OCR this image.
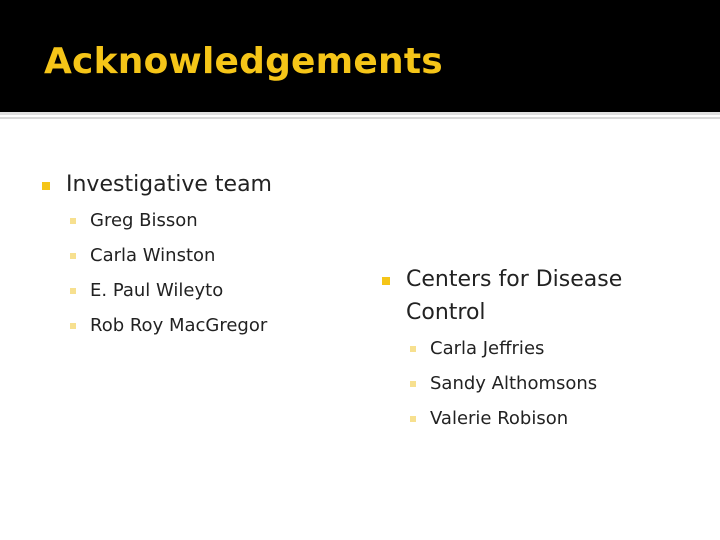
Acknowledgements
Investigative team
Greg Bisson
Carla Winston
E. Paul Wileyto
Rob Roy MacGregor
Centers for Disease Control
Carla Jeffries
Sandy Althomsons
Valerie Robison
